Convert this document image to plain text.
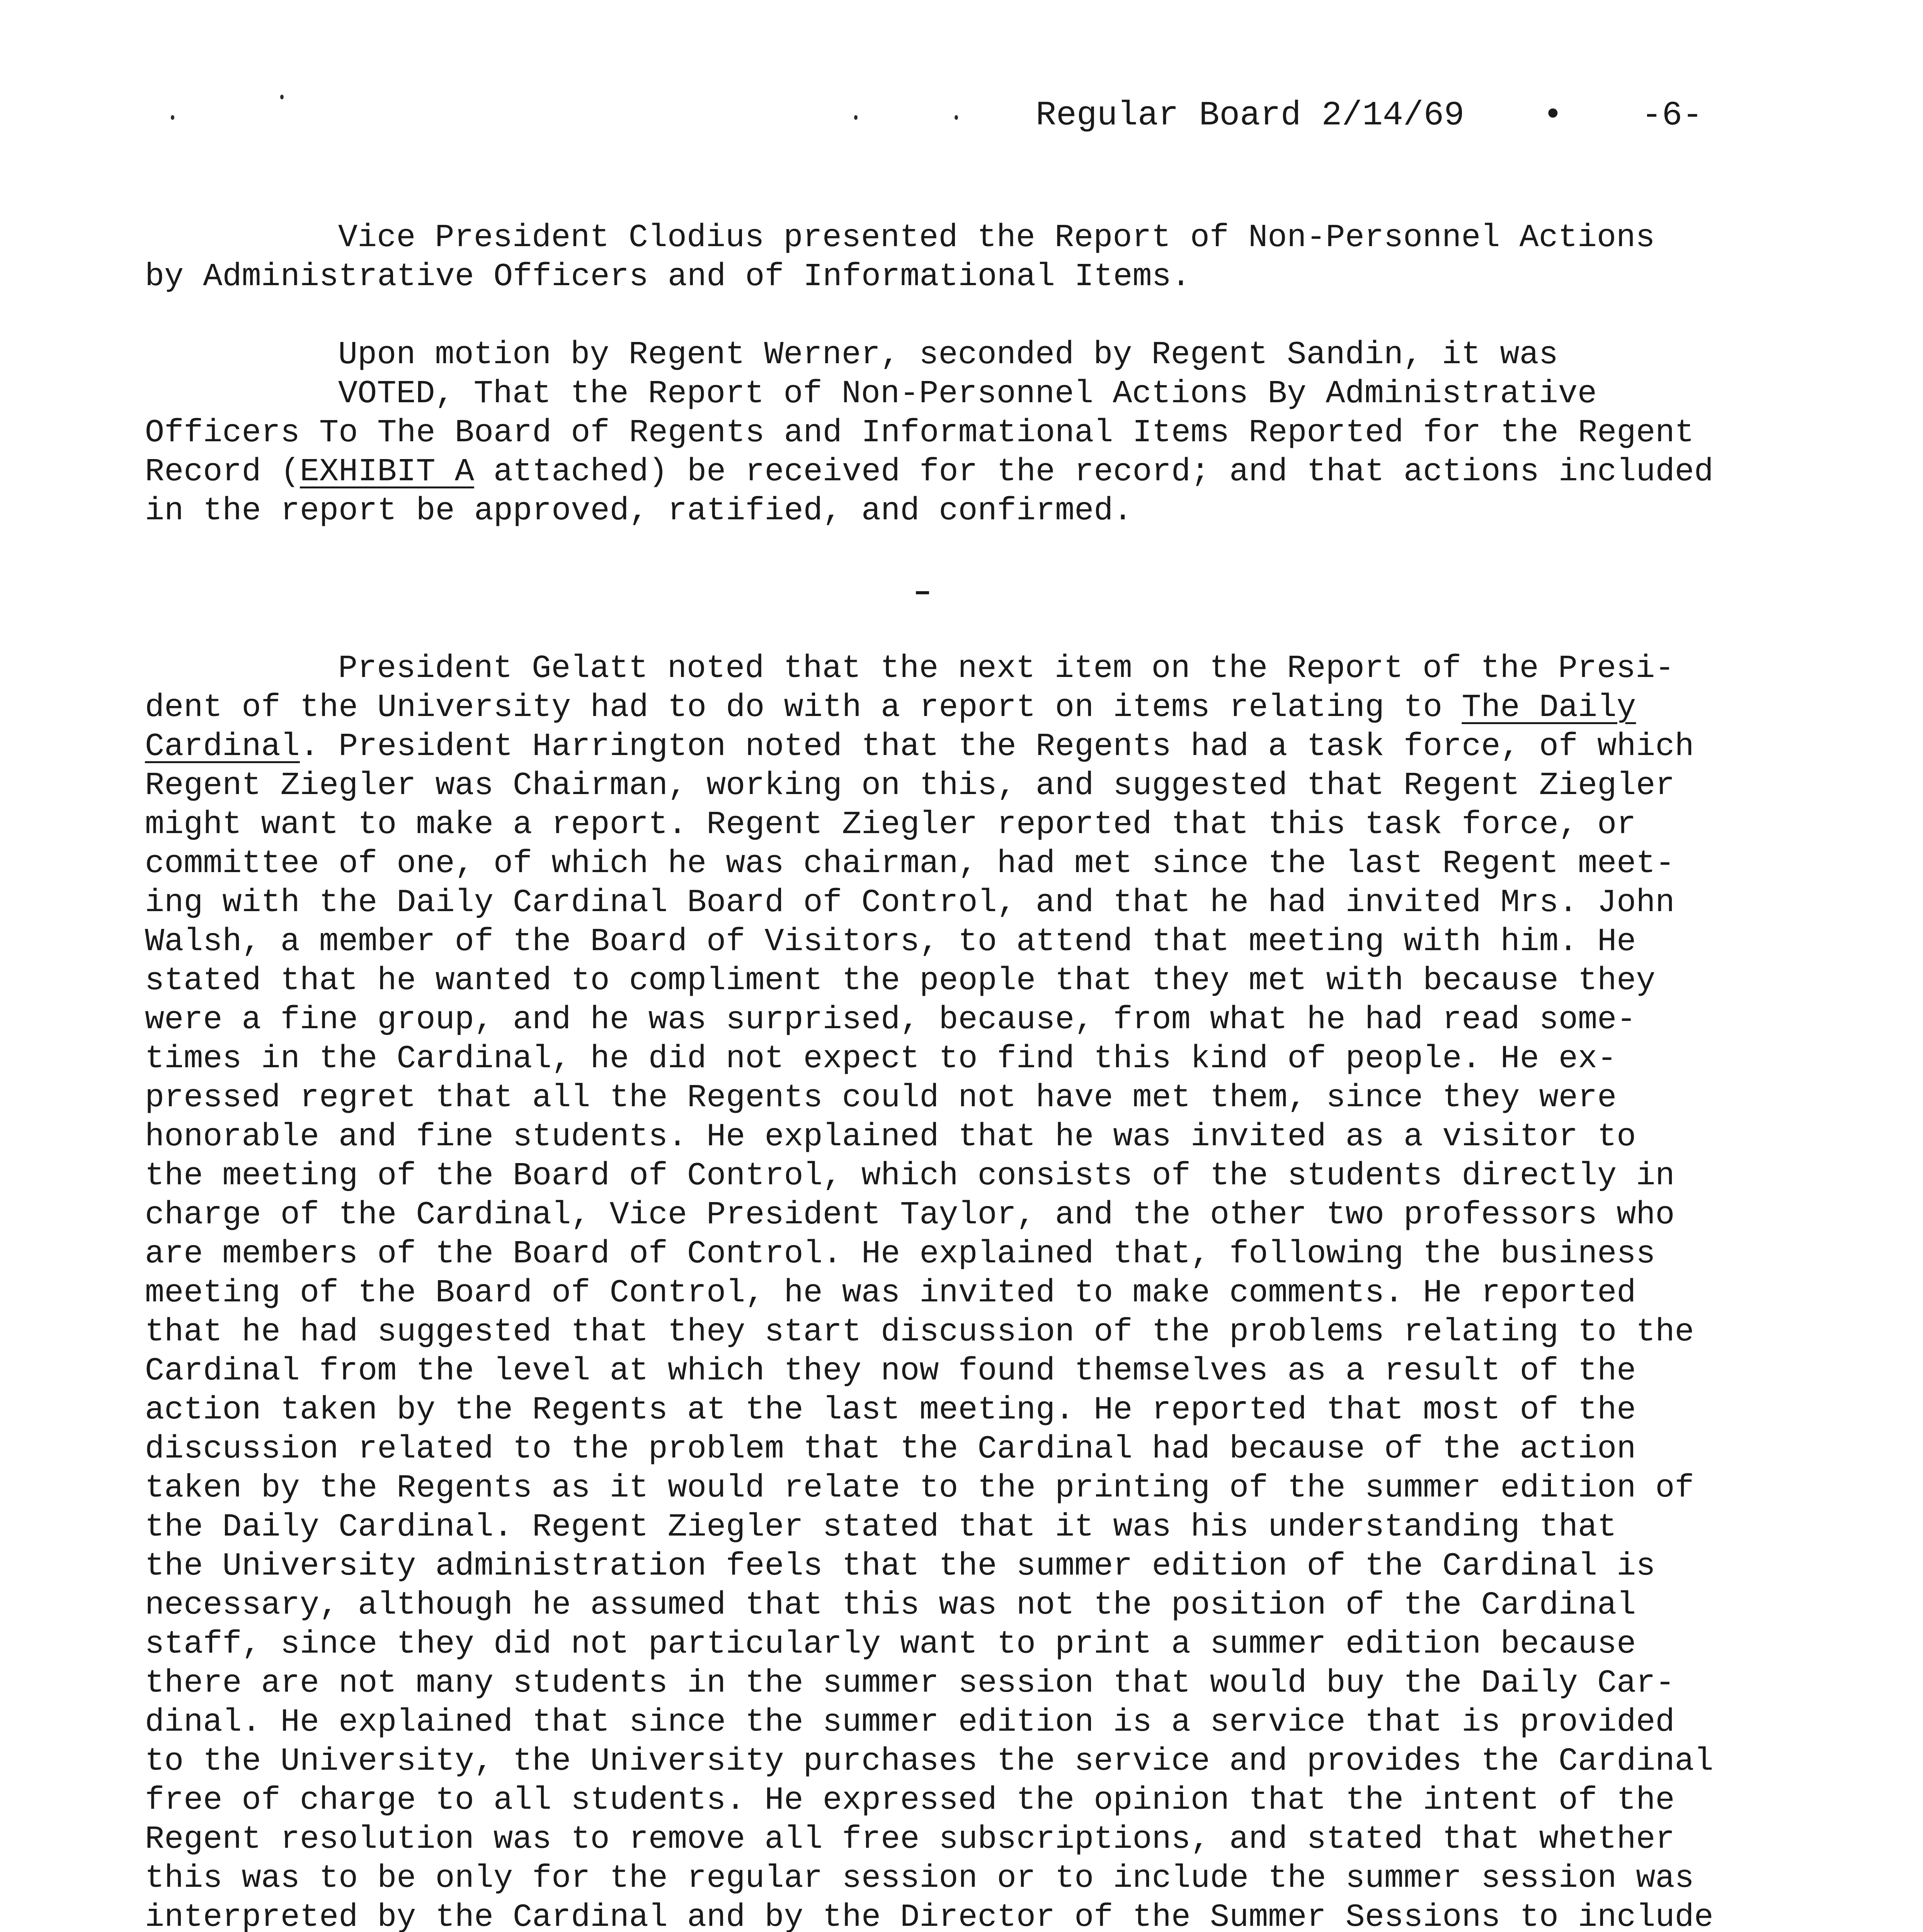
Regular Board 2/14/69 • -6-
Vice President Clodius presented the Report of Non-Personnel Actions
by Administrative Officers and of Informational Items.
Upon motion by Regent Werner, seconded by Regent Sandin, it was
VOTED, That the Report of Non-Personnel Actions By Administrative
Officers To The Board of Regents and Informational Items Reported for the Regent
Record (EXHIBIT A attached) be received for the record; and that actions included
in the report be approved, ratified, and confirmed.
President Gelatt noted that the next item on the Report of the Presi-
dent of the University had to do with a report on items relating to The Daily
Cardinal. President Harrington noted that the Regents had a task force, of which
Regent Ziegler was Chairman, working on this, and suggested that Regent Ziegler
might want to make a report. Regent Ziegler reported that this task force, or
committee of one, of which he was chairman, had met since the last Regent meet-
ing with the Daily Cardinal Board of Control, and that he had invited Mrs. John
Walsh, a member of the Board of Visitors, to attend that meeting with him. He
stated that he wanted to compliment the people that they met with because they
were a fine group, and he was surprised, because, from what he had read some-
times in the Cardinal, he did not expect to find this kind of people. He ex-
pressed regret that all the Regents could not have met them, since they were
honorable and fine students. He explained that he was invited as a visitor to
the meeting of the Board of Control, which consists of the students directly in
charge of the Cardinal, Vice President Taylor, and the other two professors who
are members of the Board of Control. He explained that, following the business
meeting of the Board of Control, he was invited to make comments. He reported
that he had suggested that they start discussion of the problems relating to the
Cardinal from the level at which they now found themselves as a result of the
action taken by the Regents at the last meeting. He reported that most of the
discussion related to the problem that the Cardinal had because of the action
taken by the Regents as it would relate to the printing of the summer edition of
the Daily Cardinal. Regent Ziegler stated that it was his understanding that
the University administration feels that the summer edition of the Cardinal is
necessary, although he assumed that this was not the position of the Cardinal
staff, since they did not particularly want to print a summer edition because
there are not many students in the summer session that would buy the Daily Car-
dinal. He explained that since the summer edition is a service that is provided
to the University, the University purchases the service and provides the Cardinal
free of charge to all students. He expressed the opinion that the intent of the
Regent resolution was to remove all free subscriptions, and stated that whether
this was to be only for the regular session or to include the summer session was
interpreted by the Cardinal and by the Director of the Summer Sessions to include
